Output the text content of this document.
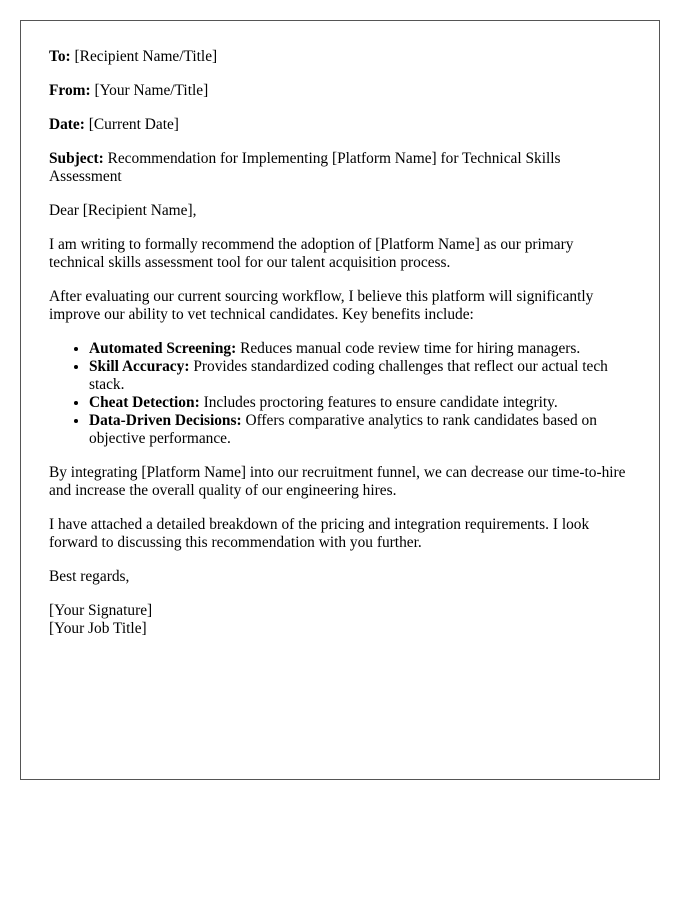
To: [Recipient Name/Title]

From: [Your Name/Title]

Date: [Current Date]

Subject: Recommendation for Implementing [Platform Name] for Technical Skills Assessment

Dear [Recipient Name],

I am writing to formally recommend the adoption of [Platform Name] as our primary technical skills assessment tool for our talent acquisition process.

After evaluating our current sourcing workflow, I believe this platform will significantly improve our ability to vet technical candidates. Key benefits include:

• Automated Screening: Reduces manual code review time for hiring managers.
• Skill Accuracy: Provides standardized coding challenges that reflect our actual tech stack.
• Cheat Detection: Includes proctoring features to ensure candidate integrity.
• Data-Driven Decisions: Offers comparative analytics to rank candidates based on objective performance.

By integrating [Platform Name] into our recruitment funnel, we can decrease our time-to-hire and increase the overall quality of our engineering hires.

I have attached a detailed breakdown of the pricing and integration requirements. I look forward to discussing this recommendation with you further.

Best regards,

[Your Signature]
[Your Job Title]
